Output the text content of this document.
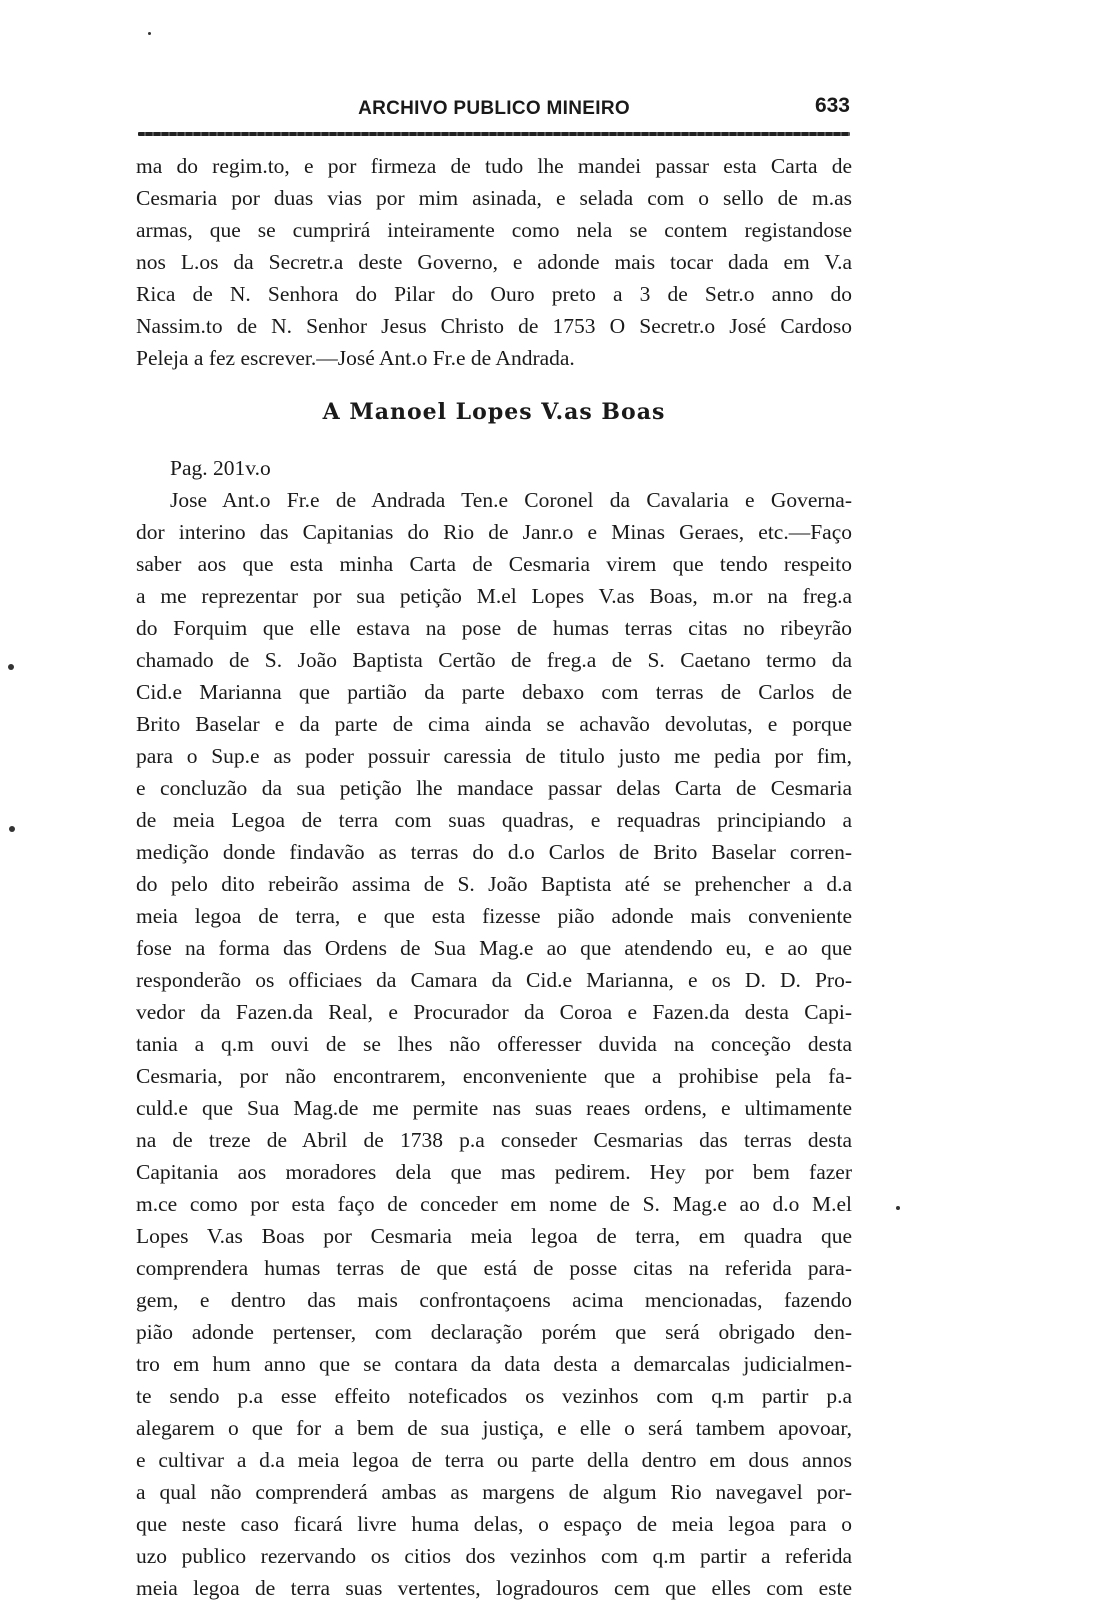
ARCHIVO PUBLICO MINEIRO	633
ma do regim.to, e por firmeza de tudo lhe mandei passar esta Carta de
Cesmaria por duas vias por mim asinada, e selada com o sello de m.as
armas, que se cumprirá inteiramente como nela se contem registandose
nos L.os da Secretr.a deste Governo, e adonde mais tocar dada em V.a
Rica de N. Senhora do Pilar do Ouro preto a 3 de Setr.o anno do
Nassim.to de N. Senhor Jesus Christo de 1753 O Secretr.o José Cardoso
Peleja a fez escrever.—José Ant.o Fr.e de Andrada.
A Manoel Lopes V.as Boas
Pag. 201v.o
Jose Ant.o Fr.e de Andrada Ten.e Coronel da Cavalaria e Governa-
dor interino das Capitanias do Rio de Janr.o e Minas Geraes, etc.—Faço
saber aos que esta minha Carta de Cesmaria virem que tendo respeito
a me reprezentar por sua petição M.el Lopes V.as Boas, m.or na freg.a
do Forquim que elle estava na pose de humas terras citas no ribeyrão
chamado de S. João Baptista Certão de freg.a de S. Caetano termo da
Cid.e Marianna que partião da parte debaxo com terras de Carlos de
Brito Baselar e da parte de cima ainda se achavão devolutas, e porque
para o Sup.e as poder possuir caressia de titulo justo me pedia por fim,
e concluzão da sua petição lhe mandace passar delas Carta de Cesmaria
de meia Legoa de terra com suas quadras, e requadras principiando a
medição donde findavão as terras do d.o Carlos de Brito Baselar corren-
do pelo dito rebeirão assima de S. João Baptista até se prehencher a d.a
meia legoa de terra, e que esta fizesse pião adonde mais conveniente
fose na forma das Ordens de Sua Mag.e ao que atendendo eu, e ao que
responderão os officiaes da Camara da Cid.e Marianna, e os D. D. Pro-
vedor da Fazen.da Real, e Procurador da Coroa e Fazen.da desta Capi-
tania a q.m ouvi de se lhes não offeresser duvida na conceção desta
Cesmaria, por não encontrarem, enconveniente que a prohibise pela fa-
culd.e que Sua Mag.de me permite nas suas reaes ordens, e ultimamente
na de treze de Abril de 1738 p.a conseder Cesmarias das terras desta
Capitania aos moradores dela que mas pedirem. Hey por bem fazer
m.ce como por esta faço de conceder em nome de S. Mag.e ao d.o M.el
Lopes V.as Boas por Cesmaria meia legoa de terra, em quadra que
comprendera humas terras de que está de posse citas na referida para-
gem, e dentro das mais confrontaçoens acima mencionadas, fazendo
pião adonde pertenser, com declaração porém que será obrigado den-
tro em hum anno que se contara da data desta a demarcalas judicialmen-
te sendo p.a esse effeito noteficados os vezinhos com q.m partir p.a
alegarem o que for a bem de sua justiça, e elle o será tambem apovoar,
e cultivar a d.a meia legoa de terra ou parte della dentro em dous annos
a qual não comprenderá ambas as margens de algum Rio navegavel por-
que neste caso ficará livre huma delas, o espaço de meia legoa para o
uzo publico rezervando os citios dos vezinhos com q.m partir a referida
meia legoa de terra suas vertentes, logradouros cem que elles com este
